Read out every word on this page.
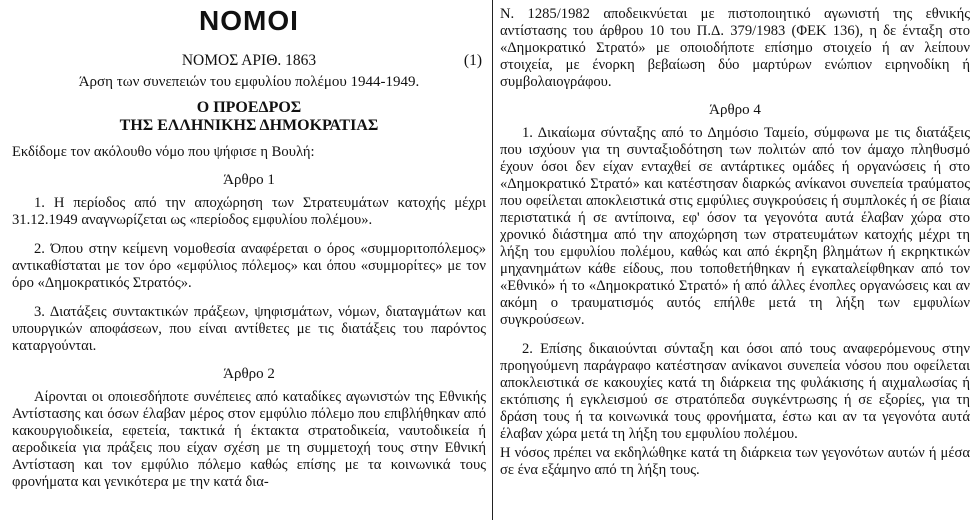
ΝΟΜΟΙ
ΝΟΜΟΣ ΑΡΙΘ. 1863	(1)
Άρση των συνεπειών του εμφυλίου πολέμου 1944-1949.
Ο ΠΡΟΕΔΡΟΣ
ΤΗΣ ΕΛΛΗΝΙΚΗΣ ΔΗΜΟΚΡΑΤΙΑΣ
Εκδίδομε τον ακόλουθο νόμο που ψήφισε η Βουλή:
Άρθρο 1
1. Η περίοδος από την αποχώρηση των Στρατευμάτων κατοχής μέχρι 31.12.1949 αναγνωρίζεται ως «περίοδος εμφυλίου πολέμου».
2. Όπου στην κείμενη νομοθεσία αναφέρεται ο όρος «συμμοριτοπόλεμος» αντικαθίσταται με τον όρο «εμφύλιος πόλεμος» και όπου «συμμορίτες» με τον όρο «Δημοκρατικός Στρατός».
3. Διατάξεις συντακτικών πράξεων, ψηφισμάτων, νόμων, διαταγμάτων και υπουργικών αποφάσεων, που είναι αντίθετες με τις διατάξεις του παρόντος καταργούνται.
Άρθρο 2
Αίρονται οι οποιεσδήποτε συνέπειες από καταδίκες αγωνιστών της Εθνικής Αντίστασης και όσων έλαβαν μέρος στον εμφύλιο πόλεμο που επιβλήθηκαν από κακουργιοδικεία, εφετεία, τακτικά ή έκτακτα στρατοδικεία, ναυτοδικεία ή αεροδικεία για πράξεις που είχαν σχέση με τη συμμετοχή τους στην Εθνική Αντίσταση και τον εμφύλιο πόλεμο καθώς επίσης με τα κοινωνικά τους φρονήματα και γενικότερα με την κατά δια-
Ν. 1285/1982 αποδεικνύεται με πιστοποιητικό αγωνιστή της εθνικής αντίστασης του άρθρου 10 του Π.Δ. 379/1983 (ΦΕΚ 136), η δε ένταξη στο «Δημοκρατικό Στρατό» με οποιοδήποτε επίσημο στοιχείο ή αν λείπουν στοιχεία, με ένορκη βεβαίωση δύο μαρτύρων ενώπιον ειρηνοδίκη ή συμβολαιογράφου.
Άρθρο 4
1. Δικαίωμα σύνταξης από το Δημόσιο Ταμείο, σύμφωνα με τις διατάξεις που ισχύουν για τη συνταξιοδότηση των πολιτών από τον άμαχο πληθυσμό έχουν όσοι δεν είχαν ενταχθεί σε αντάρτικες ομάδες ή οργανώσεις ή στο «Δημοκρατικό Στρατό» και κατέστησαν διαρκώς ανίκανοι συνεπεία τραύματος που οφείλεται αποκλειστικά στις εμφύλιες συγκρούσεις ή συμπλοκές ή σε βίαια περιστατικά ή σε αντίποινα, εφ' όσον τα γεγονότα αυτά έλαβαν χώρα στο χρονικό διάστημα από την αποχώρηση των στρατευμάτων κατοχής μέχρι τη λήξη του εμφυλίου πολέμου, καθώς και από έκρηξη βλημάτων ή εκρηκτικών μηχανημάτων κάθε είδους, που τοποθετήθηκαν ή εγκαταλείφθηκαν από τον «Εθνικό» ή το «Δημοκρατικό Στρατό» ή από άλλες ένοπλες οργανώσεις και αν ακόμη ο τραυματισμός αυτός επήλθε μετά τη λήξη των εμφυλίων συγκρούσεων.
2. Επίσης δικαιούνται σύνταξη και όσοι από τους αναφερόμενους στην προηγούμενη παράγραφο κατέστησαν ανίκανοι συνεπεία νόσου που οφείλεται αποκλειστικά σε κακουχίες κατά τη διάρκεια της φυλάκισης ή αιχμαλωσίας ή εκτόπισης ή εγκλεισμού σε στρατόπεδα συγκέντρωσης ή σε εξορίες, για τη δράση τους ή τα κοινωνικά τους φρονήματα, έστω και αν τα γεγονότα αυτά έλαβαν χώρα μετά τη λήξη του εμφυλίου πολέμου.
Η νόσος πρέπει να εκδηλώθηκε κατά τη διάρκεια των γεγονότων αυτών ή μέσα σε ένα εξάμηνο από τη λήξη τους.
